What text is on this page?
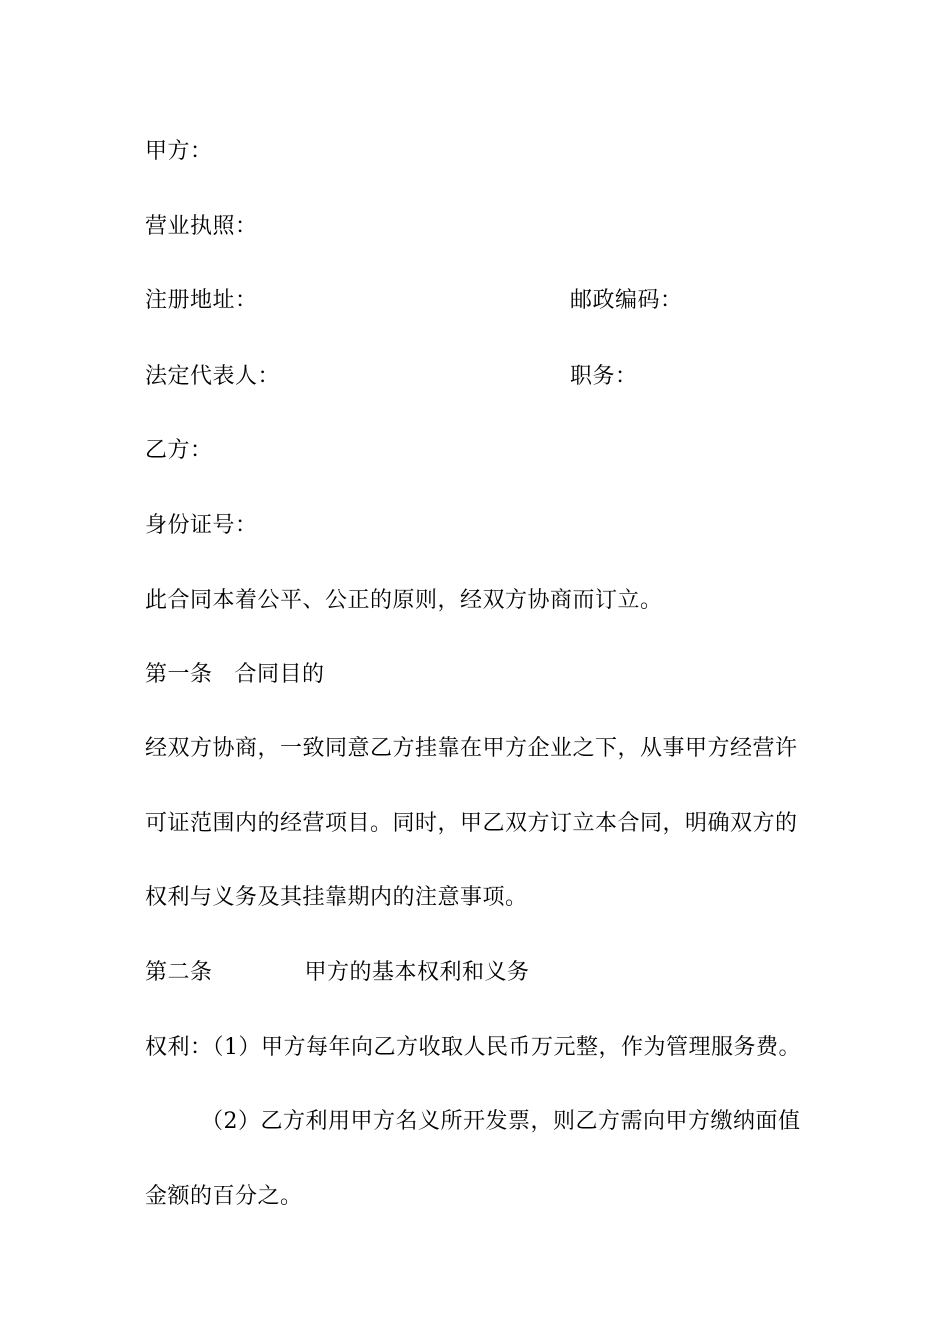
甲方：
营业执照：
注册地址：	邮政编码：
法定代表人：	职务：
乙方：
身份证号：
此合同本着公平、公正的原则，经双方协商而订立。
第一条 合同目的
经双方协商，一致同意乙方挂靠在甲方企业之下，从事甲方经营许
可证范围内的经营项目。同时，甲乙双方订立本合同，明确双方的
权利与义务及其挂靠期内的注意事项。
第二条	甲方的基本权利和义务
权利：（1）甲方每年向乙方收取人民币万元整，作为管理服务费。
（2）乙方利用甲方名义所开发票，则乙方需向甲方缴纳面值
金额的百分之。
